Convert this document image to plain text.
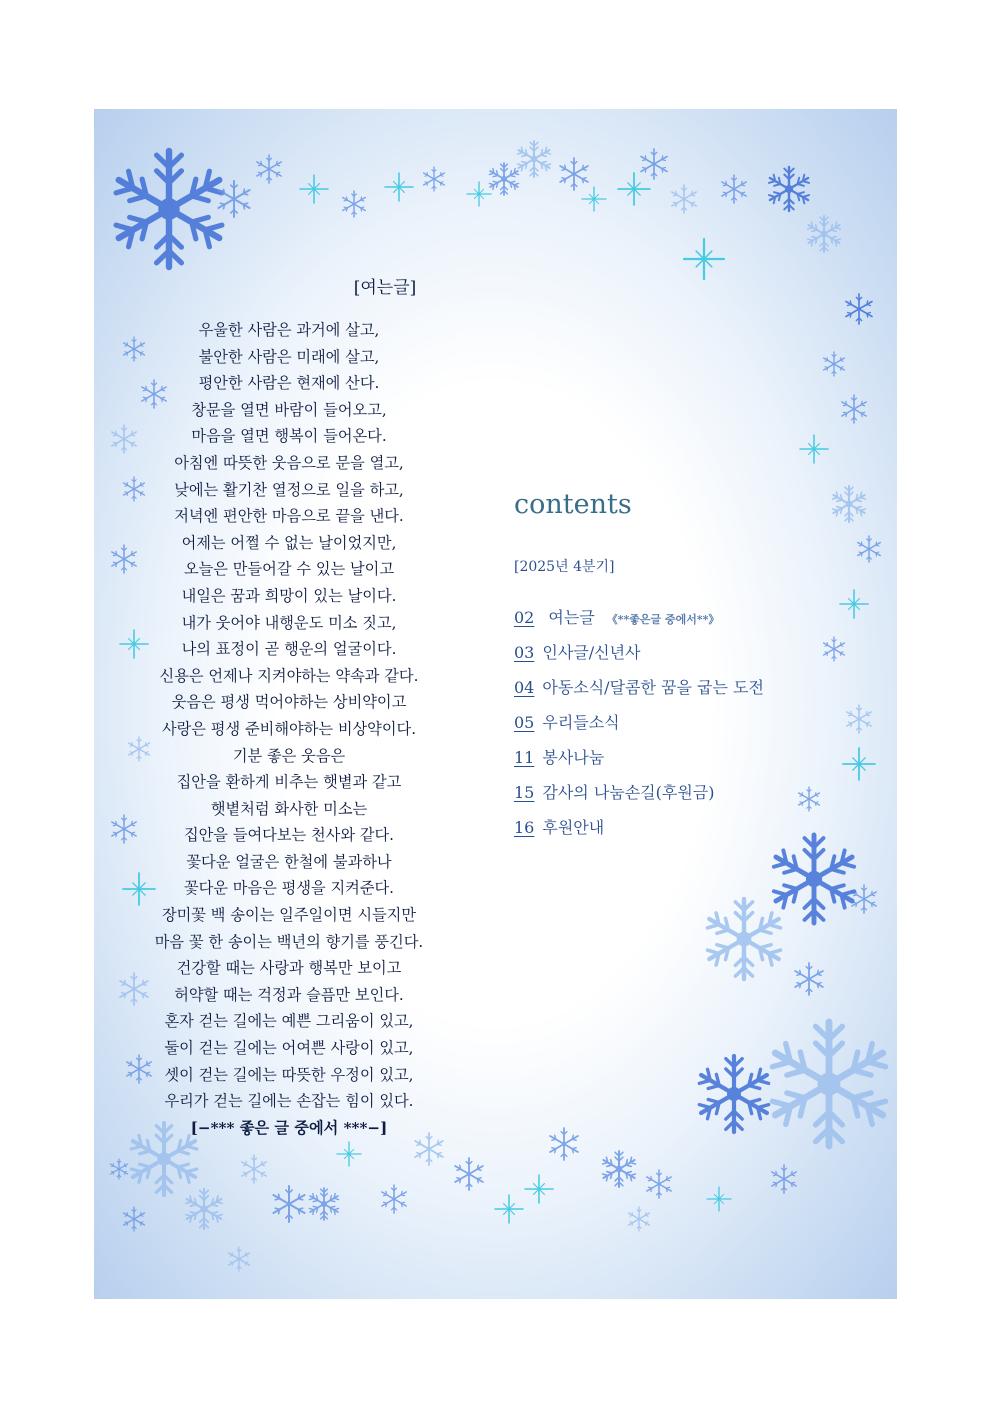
[여는글]
우울한 사람은 과거에 살고,
불안한 사람은 미래에 살고,
평안한 사람은 현재에 산다.
창문을 열면 바람이 들어오고,
마음을 열면 행복이 들어온다.
아침엔 따뜻한 웃음으로 문을 열고,
낮에는 활기찬 열정으로 일을 하고,
저녁엔 편안한 마음으로 끝을 낸다.
어제는 어쩔 수 없는 날이었지만,
오늘은 만들어갈 수 있는 날이고
내일은 꿈과 희망이 있는 날이다.
내가 웃어야 내행운도 미소 짓고,
나의 표정이 곧 행운의 얼굴이다.
신용은 언제나 지켜야하는 약속과 같다.
웃음은 평생 먹어야하는 상비약이고
사랑은 평생 준비해야하는 비상약이다.
기분 좋은 웃음은
집안을 환하게 비추는 햇볕과 같고
햇볕처럼 화사한 미소는
집안을 들여다보는 천사와 같다.
꽃다운 얼굴은 한철에 불과하나
꽃다운 마음은 평생을 지켜준다.
장미꽃 백 송이는 일주일이면 시들지만
마음 꽃 한 송이는 백년의 향기를 풍긴다.
건강할 때는 사랑과 행복만 보이고
허약할 때는 걱정과 슬픔만 보인다.
혼자 걷는 길에는 예쁜 그리움이 있고,
둘이 걷는 길에는 어여쁜 사랑이 있고,
셋이 걷는 길에는 따뜻한 우정이 있고,
우리가 걷는 길에는 손잡는 힘이 있다.
[−*** 좋은 글 중에서 ***−]
contents
[2025년 4분기]
02 여는글 《**좋은글 중에서**》
03 인사글/신년사
04 아동소식/달콤한 꿈을 굽는 도전
05 우리들소식
11 봉사나눔
15 감사의 나눔손길(후원금)
16 후원안내
